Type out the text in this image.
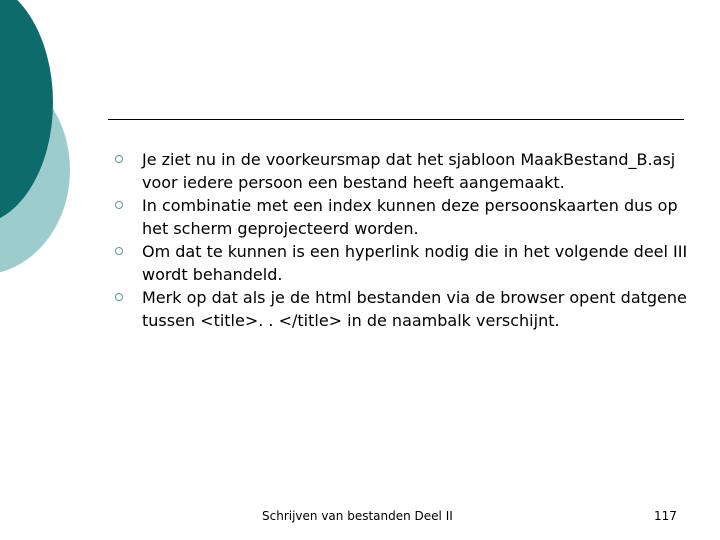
Je ziet nu in de voorkeursmap dat het sjabloon MaakBestand_B.asj voor iedere persoon een bestand heeft aangemaakt.
In combinatie met een index kunnen deze persoonskaarten dus op het scherm geprojecteerd worden.
Om dat te kunnen is een hyperlink nodig die in het volgende deel III wordt behandeld.
Merk op dat als je de html bestanden via de browser opent datgene tussen <title>. . </title> in de naambalk verschijnt.
Schrijven van bestanden Deel II	117
